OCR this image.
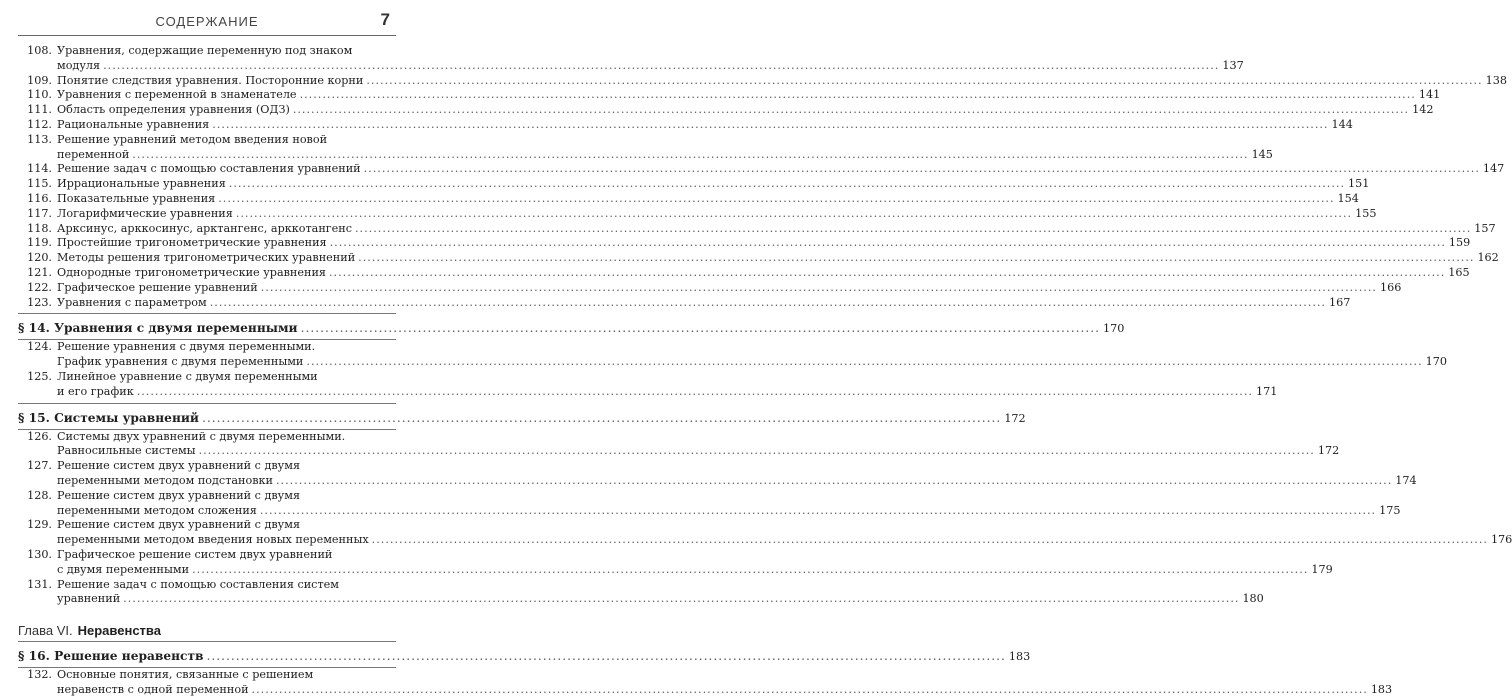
СОДЕРЖАНИЕ	7
108. Уравнения, содержащие переменную под знаком
модуля .....	137
109. Понятие следствия уравнения. Посторонние корни .....	138
110. Уравнения с переменной в знаменателе .....	141
111. Область определения уравнения (ОДЗ) .....	142
112. Рациональные уравнения .....	144
113. Решение уравнений методом введения новой
переменной .....	145
114. Решение задач с помощью составления уравнений .....	147
115. Иррациональные уравнения .....	151
116. Показательные уравнения .....	154
117. Логарифмические уравнения .....	155
118. Арксинус, арккосинус, арктангенс, арккотангенс .....	157
119. Простейшие тригонометрические уравнения .....	159
120. Методы решения тригонометрических уравнений .....	162
121. Однородные тригонометрические уравнения .....	165
122. Графическое решение уравнений .....	166
123. Уравнения с параметром .....	167
§ 14. Уравнения с двумя переменными .....	170
124. Решение уравнения с двумя переменными.
График уравнения с двумя переменными .....	170
125. Линейное уравнение с двумя переменными
и его график .....	171
§ 15. Системы уравнений .....	172
126. Системы двух уравнений с двумя переменными.
Равносильные системы .....	172
127. Решение систем двух уравнений с двумя
переменными методом подстановки .....	174
128. Решение систем двух уравнений с двумя
переменными методом сложения .....	175
129. Решение систем двух уравнений с двумя
переменными методом введения новых переменных .....	176
130. Графическое решение систем двух уравнений
с двумя переменными .....	179
131. Решение задач с помощью составления систем
уравнений .....	180
Глава VI. Неравенства
§ 16. Решение неравенств .....	183
132. Основные понятия, связанные с решением
неравенств с одной переменной .....	183
